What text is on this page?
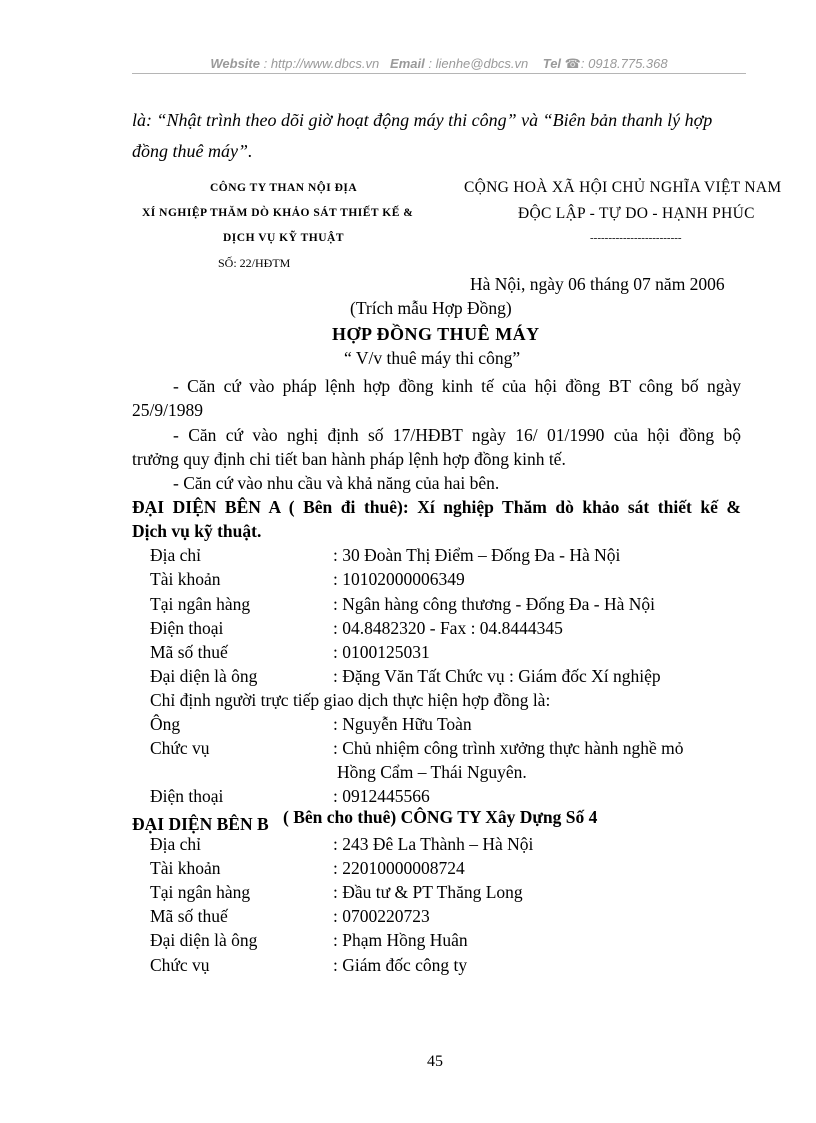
Website : http://www.dbcs.vn Email : lienhe@dbcs.vn Tel ☎: 0918.775.368
là: “Nhật trình theo dõi giờ hoạt động máy thi công” và “Biên bản thanh lý hợp
đồng thuê máy”.
CÔNG TY THAN NỘI ĐỊA
XÍ NGHIỆP THĂM DÒ KHẢO SÁT THIẾT KẾ &
DỊCH VỤ KỸ THUẬT
SỐ: 22/HĐTM
CỘNG HOÀ XÃ HỘI CHỦ NGHĨA VIỆT NAM
ĐỘC LẬP - TỰ DO - HẠNH PHÚC
-------------------------
Hà Nội, ngày 06 tháng 07 năm 2006
(Trích mẫu Hợp Đồng)
HỢP ĐỒNG THUÊ MÁY
“ V/v thuê máy thi công”
- Căn cứ vào pháp lệnh hợp đồng kinh tế của hội đồng BT công bố ngày
25/9/1989
- Căn cứ vào nghị định số 17/HĐBT ngày 16/ 01/1990 của hội đồng bộ
trưởng quy định chi tiết ban hành pháp lệnh hợp đồng kinh tế.
- Căn cứ vào nhu cầu và khả năng của hai bên.
ĐẠI DIỆN BÊN A ( Bên đi thuê): Xí nghiệp Thăm dò khảo sát thiết kế &
Dịch vụ kỹ thuật.
Địa chỉ	: 30 Đoàn Thị Điểm – Đống Đa - Hà Nội
Tài khoản	: 10102000006349
Tại ngân hàng	: Ngân hàng công thương - Đống Đa - Hà Nội
Điện thoại	: 04.8482320 - Fax : 04.8444345
Mã số thuế	: 0100125031
Đại diện là ông	: Đặng Văn Tất Chức vụ : Giám đốc Xí nghiệp
Chỉ định người trực tiếp giao dịch thực hiện hợp đồng là:
Ông	: Nguyễn Hữu Toàn
Chức vụ	: Chủ nhiệm công trình xưởng thực hành nghề mỏ
Hồng Cẩm – Thái Nguyên.
Điện thoại	: 0912445566
ĐẠI DIỆN BÊN B ( Bên cho thuê) CÔNG TY Xây Dựng Số 4
Địa chỉ	: 243 Đê La Thành – Hà Nội
Tài khoản	: 22010000008724
Tại ngân hàng	: Đầu tư & PT Thăng Long
Mã số thuế	: 0700220723
Đại diện là ông	: Phạm Hồng Huân
Chức vụ	: Giám đốc công ty
45
